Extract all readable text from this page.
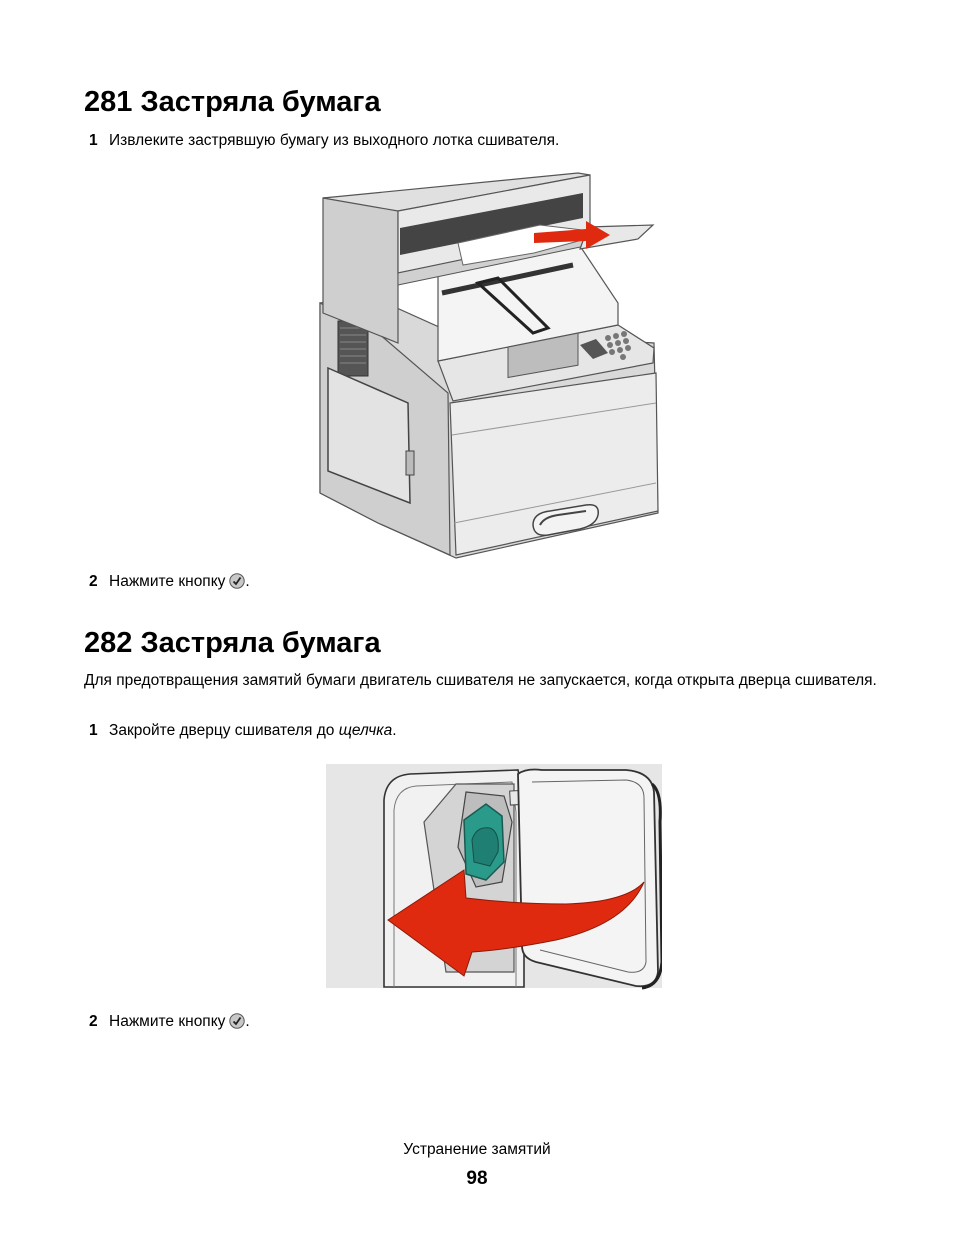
281 Застряла бумага
1 Извлеките застрявшую бумагу из выходного лотка сшивателя.
2 Нажмите кнопку .
282 Застряла бумага
Для предотвращения замятий бумаги двигатель сшивателя не запускается, когда открыта дверца сшивателя.
1 Закройте дверцу сшивателя до щелчка.
2 Нажмите кнопку .
Устранение замятий
98
